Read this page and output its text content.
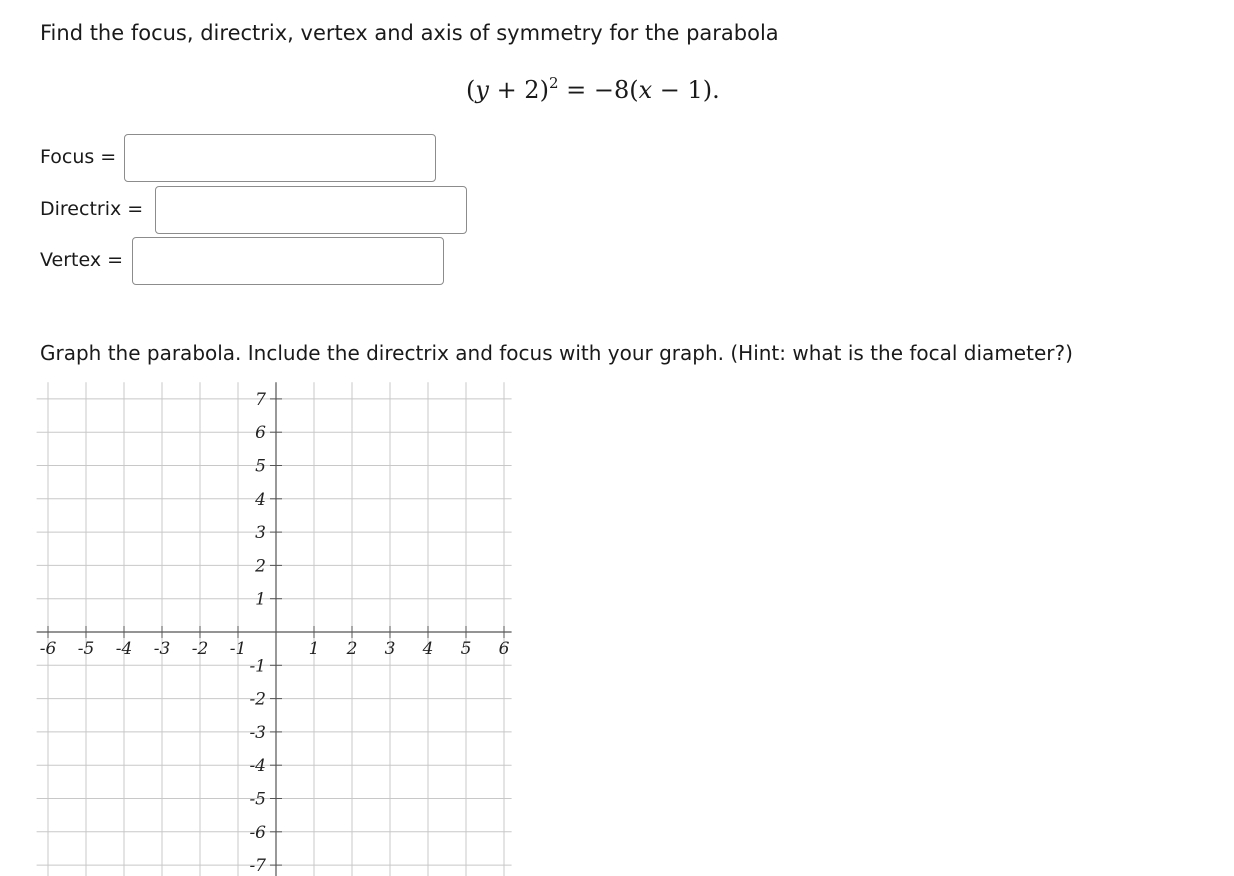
Find the focus, directrix, vertex and axis of symmetry for the parabola
$(y + 2)^2 = -8(x - 1)$.
Focus =
Directrix =
Vertex =
Graph the parabola. Include the directrix and focus with your graph. (Hint: what is the focal diameter?)
-6 -5 -4 -3 -2 -1	1 2 3 4 5 6
7
6
5
4
3
2
1
-1
-2
-3
-4
-5
-6
-7
